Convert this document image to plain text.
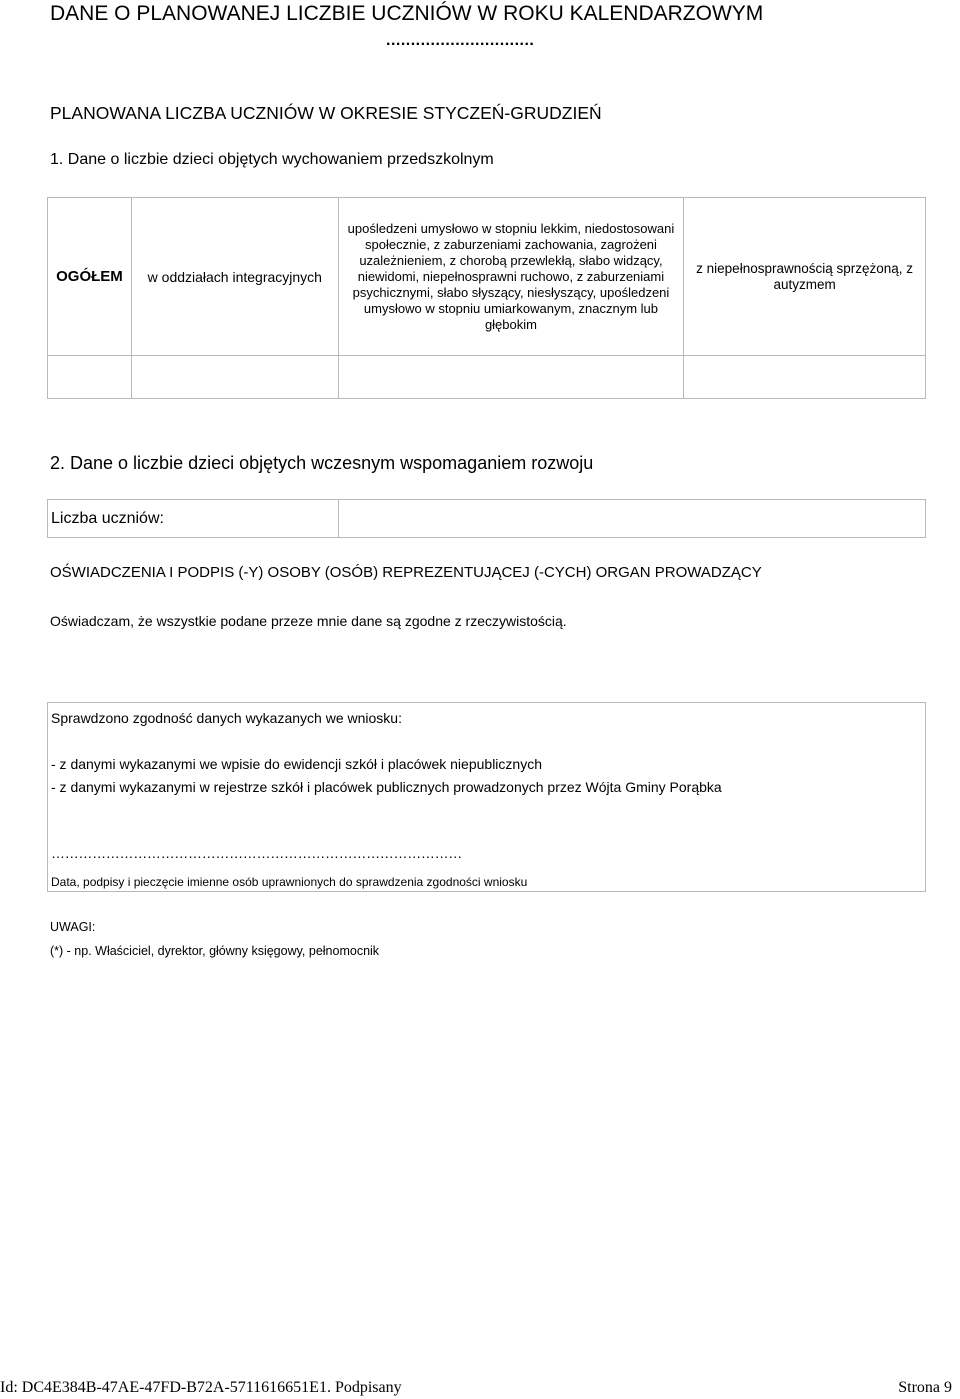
DANE O PLANOWANEJ LICZBIE UCZNIÓW W ROKU KALENDARZOWYM
..............................
PLANOWANA LICZBA UCZNIÓW W OKRESIE STYCZEŃ-GRUDZIEŃ
1. Dane o liczbie dzieci objętych wychowaniem przedszkolnym
OGÓŁEM	w oddziałach integracyjnych	upośledzeni umysłowo w stopniu lekkim, niedostosowani społecznie, z zaburzeniami zachowania, zagrożeni uzależnieniem, z chorobą przewlekłą, słabo widzący, niewidomi, niepełnosprawni ruchowo, z zaburzeniami psychicznymi, słabo słyszący, niesłyszący, upośledzeni umysłowo w stopniu umiarkowanym, znacznym lub głębokim	z niepełnosprawnością sprzężoną, z autyzmem

2. Dane o liczbie dzieci objętych wczesnym wspomaganiem rozwoju
Liczba uczniów:	
OŚWIADCZENIA I PODPIS (-Y) OSOBY (OSÓB) REPREZENTUJĄCEJ (-CYCH) ORGAN PROWADZĄCY
Oświadczam, że wszystkie podane przeze mnie dane są zgodne z rzeczywistością.
Sprawdzono zgodność danych wykazanych we wniosku:
- z danymi wykazanymi we wpisie do ewidencji szkół i placówek niepublicznych
- z danymi wykazanymi w rejestrze szkół i placówek publicznych prowadzonych przez Wójta Gminy Porąbka
………………………………………………………………………………
Data, podpisy i pieczęcie imienne osób uprawnionych do sprawdzenia zgodności wniosku
UWAGI:
(*) - np. Właściciel, dyrektor, główny księgowy, pełnomocnik
Id: DC4E384B-47AE-47FD-B72A-5711616651E1. Podpisany	Strona 9
